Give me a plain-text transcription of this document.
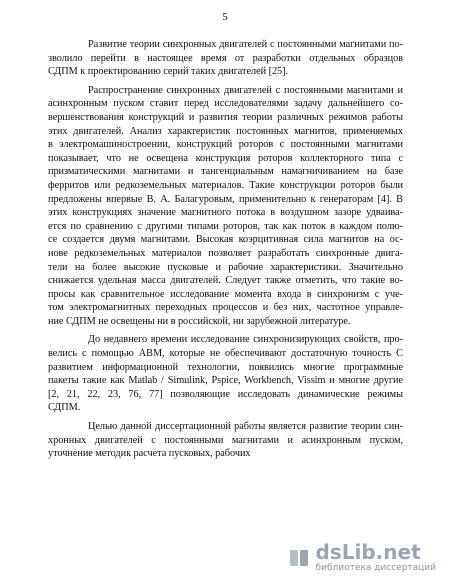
5
Развитие теории синхронных двигателей с постоянными магнитами по-
зволило перейти в настоящее время от разработки отдельных образцов
СДПМ к проектированию серий таких двигателей [25].
Распространение синхронных двигателей с постоянными магнитами и
асинхронным пуском ставит перед исследователями задачу дальнейшего со-
вершенствования конструкций и развития теории различных режимов работы
этих двигателей. Анализ характеристик постоянных магнитов, применяемых
в электромашиностроении, конструкций роторов с постоянными магнитами
показывает, что не освещена конструкция роторов коллекторного типа с
призматическими магнитами и тангенциальным намагничиванием на базе
ферритов или редкоземельных материалов. Такие конструкции роторов были
предложены впервые В. А. Балагуровым, применительно к генераторам [4]. В
этих конструкциях значение магнитного потока в воздушном зазоре удваива-
ется по сравнению с другими типами роторов, так как поток в каждом полю-
се создается двумя магнитами. Высокая коэрцитивная сила магнитов на ос-
нове редкоземельных материалов позволяет разработать синхронные двига-
тели на более высокие пусковые и рабочие характеристики. Значительно
снижается удельная масса двигателей. Следует также отметить, что такие во-
просы как сравнительное исследование момента входа в синхронизм с уче-
том электромагнитных переходных процессов и без них, частотное управле-
ние СДПМ не освещены ни в российской, ни зарубежной литературе.
До недавнего времени исследование синхронизирующих свойств, про-
велись с помощью АВМ, которые не обеспечивают достаточную точность С
развитием информационной технологии, появились многие программные
пакеты такие как Matlab / Simulink, Pspice, Workbench, Vissim и многие другие
[2, 21, 22, 23, 76, 77] позволяющие исследовать динамические режимы
СДПМ.
Целью данной диссертационной работы является развитие теории син-
хронных двигателей с постоянными магнитами и асинхронным пуском,
уточнение методик расчета пусковых, рабочих
dsLib.net
библиотека диссертаций
